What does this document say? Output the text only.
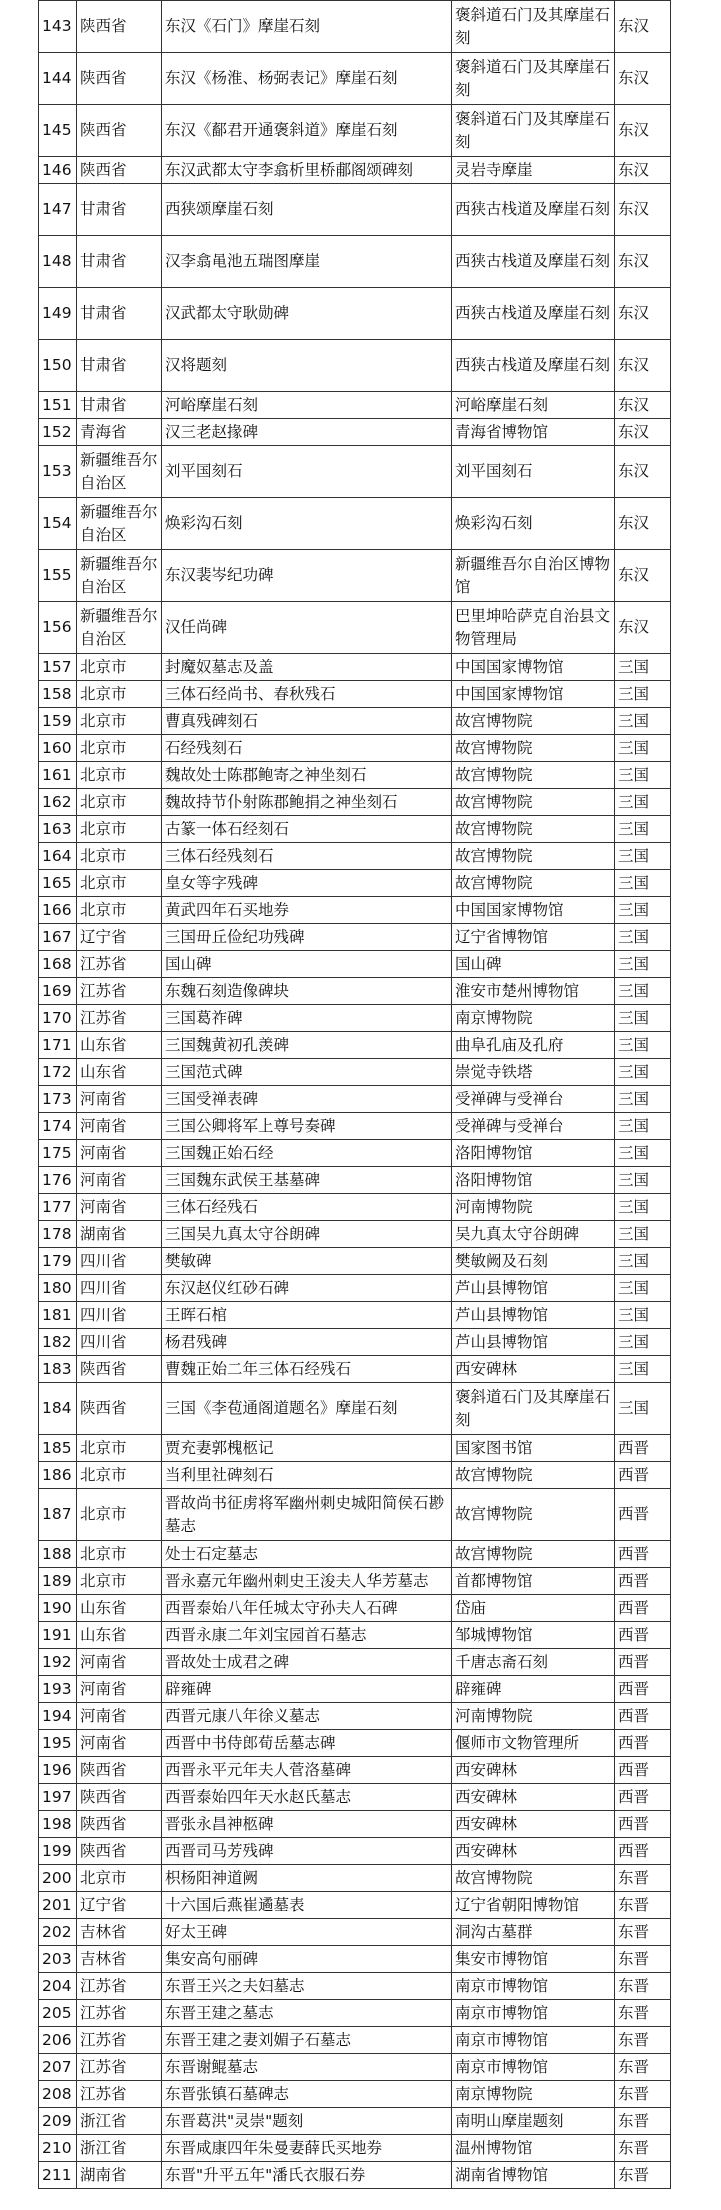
143	陕西省	东汉《石门》摩崖石刻	褒斜道石门及其摩崖石刻	东汉
144	陕西省	东汉《杨淮、杨弼表记》摩崖石刻	褒斜道石门及其摩崖石刻	东汉
145	陕西省	东汉《鄐君开通褒斜道》摩崖石刻	褒斜道石门及其摩崖石刻	东汉
146	陕西省	东汉武都太守李翕析里桥郙阁颂碑刻	灵岩寺摩崖	东汉
147	甘肃省	西狭颂摩崖石刻	西狭古栈道及摩崖石刻	东汉
148	甘肃省	汉李翕黾池五瑞图摩崖	西狭古栈道及摩崖石刻	东汉
149	甘肃省	汉武都太守耿勋碑	西狭古栈道及摩崖石刻	东汉
150	甘肃省	汉将题刻	西狭古栈道及摩崖石刻	东汉
151	甘肃省	河峪摩崖石刻	河峪摩崖石刻	东汉
152	青海省	汉三老赵掾碑	青海省博物馆	东汉
153	新疆维吾尔自治区	刘平国刻石	刘平国刻石	东汉
154	新疆维吾尔自治区	焕彩沟石刻	焕彩沟石刻	东汉
155	新疆维吾尔自治区	东汉裴岑纪功碑	新疆维吾尔自治区博物馆	东汉
156	新疆维吾尔自治区	汉任尚碑	巴里坤哈萨克自治县文物管理局	东汉
157	北京市	封魔奴墓志及盖	中国国家博物馆	三国
158	北京市	三体石经尚书、春秋残石	中国国家博物馆	三国
159	北京市	曹真残碑刻石	故宫博物院	三国
160	北京市	石经残刻石	故宫博物院	三国
161	北京市	魏故处士陈郡鲍寄之神坐刻石	故宫博物院	三国
162	北京市	魏故持节仆射陈郡鲍捐之神坐刻石	故宫博物院	三国
163	北京市	古篆一体石经刻石	故宫博物院	三国
164	北京市	三体石经残刻石	故宫博物院	三国
165	北京市	皇女等字残碑	故宫博物院	三国
166	北京市	黄武四年石买地券	中国国家博物馆	三国
167	辽宁省	三国毌丘俭纪功残碑	辽宁省博物馆	三国
168	江苏省	国山碑	国山碑	三国
169	江苏省	东魏石刻造像碑块	淮安市楚州博物馆	三国
170	江苏省	三国葛祚碑	南京博物院	三国
171	山东省	三国魏黄初孔羡碑	曲阜孔庙及孔府	三国
172	山东省	三国范式碑	崇觉寺铁塔	三国
173	河南省	三国受禅表碑	受禅碑与受禅台	三国
174	河南省	三国公卿将军上尊号奏碑	受禅碑与受禅台	三国
175	河南省	三国魏正始石经	洛阳博物馆	三国
176	河南省	三国魏东武侯王基墓碑	洛阳博物馆	三国
177	河南省	三体石经残石	河南博物院	三国
178	湖南省	三国吴九真太守谷朗碑	吴九真太守谷朗碑	三国
179	四川省	樊敏碑	樊敏阙及石刻	三国
180	四川省	东汉赵仪红砂石碑	芦山县博物馆	三国
181	四川省	王晖石棺	芦山县博物馆	三国
182	四川省	杨君残碑	芦山县博物馆	三国
183	陕西省	曹魏正始二年三体石经残石	西安碑林	三国
184	陕西省	三国《李苞通阁道题名》摩崖石刻	褒斜道石门及其摩崖石刻	三国
185	北京市	贾充妻郭槐柩记	国家图书馆	西晋
186	北京市	当利里社碑刻石	故宫博物院	西晋
187	北京市	晋故尚书征虏将军幽州刺史城阳简侯石尠墓志	故宫博物院	西晋
188	北京市	处士石定墓志	故宫博物院	西晋
189	北京市	晋永嘉元年幽州刺史王浚夫人华芳墓志	首都博物馆	西晋
190	山东省	西晋泰始八年任城太守孙夫人石碑	岱庙	西晋
191	山东省	西晋永康二年刘宝园首石墓志	邹城博物馆	西晋
192	河南省	晋故处士成君之碑	千唐志斋石刻	西晋
193	河南省	辟雍碑	辟雍碑	西晋
194	河南省	西晋元康八年徐义墓志	河南博物院	西晋
195	河南省	西晋中书侍郎荀岳墓志碑	偃师市文物管理所	西晋
196	陕西省	西晋永平元年夫人菅洛墓碑	西安碑林	西晋
197	陕西省	西晋泰始四年天水赵氏墓志	西安碑林	西晋
198	陕西省	晋张永昌神柩碑	西安碑林	西晋
199	陕西省	西晋司马芳残碑	西安碑林	西晋
200	北京市	枳杨阳神道阙	故宫博物院	东晋
201	辽宁省	十六国后燕崔遹墓表	辽宁省朝阳博物馆	东晋
202	吉林省	好太王碑	洞沟古墓群	东晋
203	吉林省	集安高句丽碑	集安市博物馆	东晋
204	江苏省	东晋王兴之夫妇墓志	南京市博物馆	东晋
205	江苏省	东晋王建之墓志	南京市博物馆	东晋
206	江苏省	东晋王建之妻刘媚子石墓志	南京市博物馆	东晋
207	江苏省	东晋谢鲲墓志	南京市博物馆	东晋
208	江苏省	东晋张镇石墓碑志	南京博物院	东晋
209	浙江省	东晋葛洪"灵崇"题刻	南明山摩崖题刻	东晋
210	浙江省	东晋咸康四年朱曼妻薛氏买地券	温州博物馆	东晋
211	湖南省	东晋"升平五年"潘氏衣服石券	湖南省博物馆	东晋
